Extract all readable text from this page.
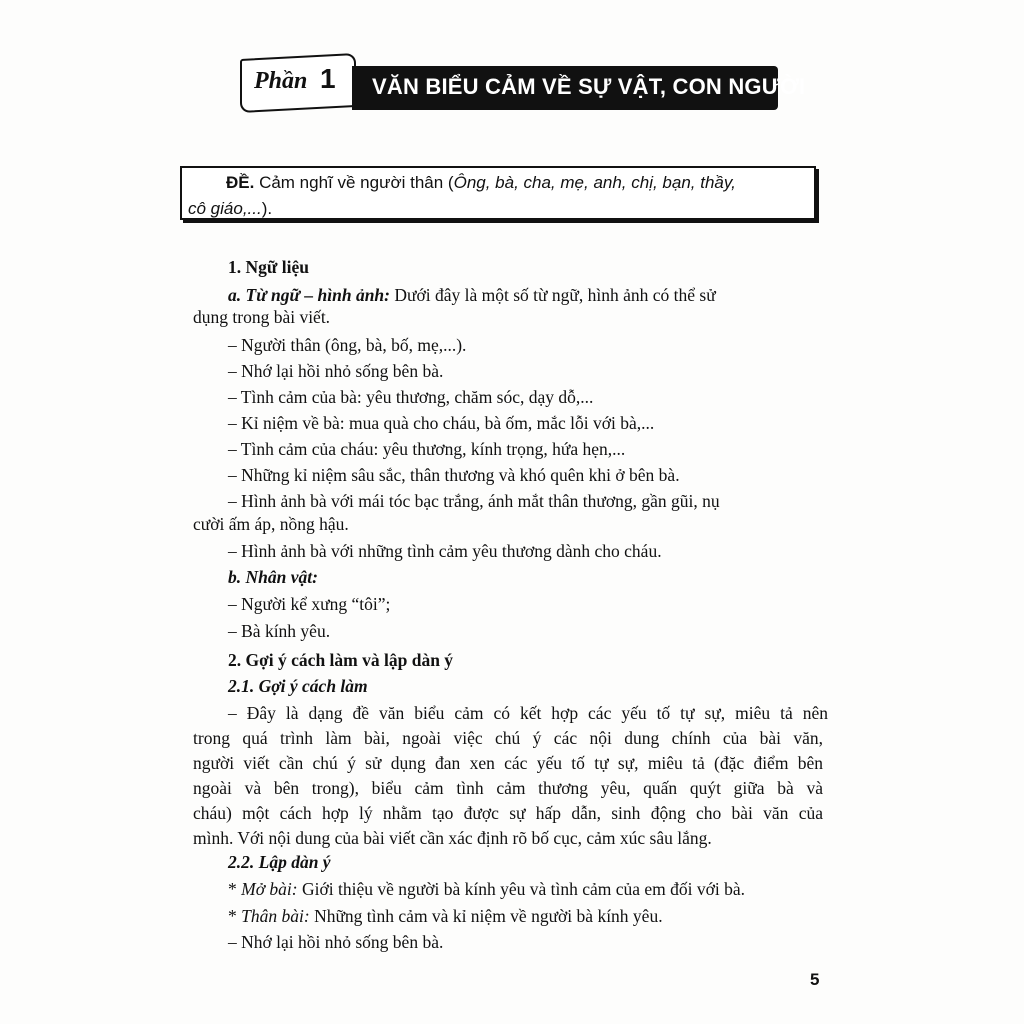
Phần 1 VĂN BIỂU CẢM VỀ SỰ VẬT, CON NGƯỜI
ĐỀ. Cảm nghĩ về người thân (Ông, bà, cha, mẹ, anh, chị, bạn, thầy,
cô giáo,...).
1. Ngữ liệu
a. Từ ngữ – hình ảnh: Dưới đây là một số từ ngữ, hình ảnh có thể sử
dụng trong bài viết.
– Người thân (ông, bà, bố, mẹ,...).
– Nhớ lại hồi nhỏ sống bên bà.
– Tình cảm của bà: yêu thương, chăm sóc, dạy dỗ,...
– Kỉ niệm về bà: mua quà cho cháu, bà ốm, mắc lỗi với bà,...
– Tình cảm của cháu: yêu thương, kính trọng, hứa hẹn,...
– Những kỉ niệm sâu sắc, thân thương và khó quên khi ở bên bà.
– Hình ảnh bà với mái tóc bạc trắng, ánh mắt thân thương, gần gũi, nụ
cười ấm áp, nồng hậu.
– Hình ảnh bà với những tình cảm yêu thương dành cho cháu.
b. Nhân vật:
– Người kể xưng “tôi”;
– Bà kính yêu.
2. Gợi ý cách làm và lập dàn ý
2.1. Gợi ý cách làm
– Đây là dạng đề văn biểu cảm có kết hợp các yếu tố tự sự, miêu tả nên
trong quá trình làm bài, ngoài việc chú ý các nội dung chính của bài văn,
người viết cần chú ý sử dụng đan xen các yếu tố tự sự, miêu tả (đặc điểm bên
ngoài và bên trong), biểu cảm tình cảm thương yêu, quấn quýt giữa bà và
cháu) một cách hợp lý nhằm tạo được sự hấp dẫn, sinh động cho bài văn của
mình. Với nội dung của bài viết cần xác định rõ bố cục, cảm xúc sâu lắng.
2.2. Lập dàn ý
* Mở bài: Giới thiệu về người bà kính yêu và tình cảm của em đối với bà.
* Thân bài: Những tình cảm và kỉ niệm về người bà kính yêu.
– Nhớ lại hồi nhỏ sống bên bà.
5
